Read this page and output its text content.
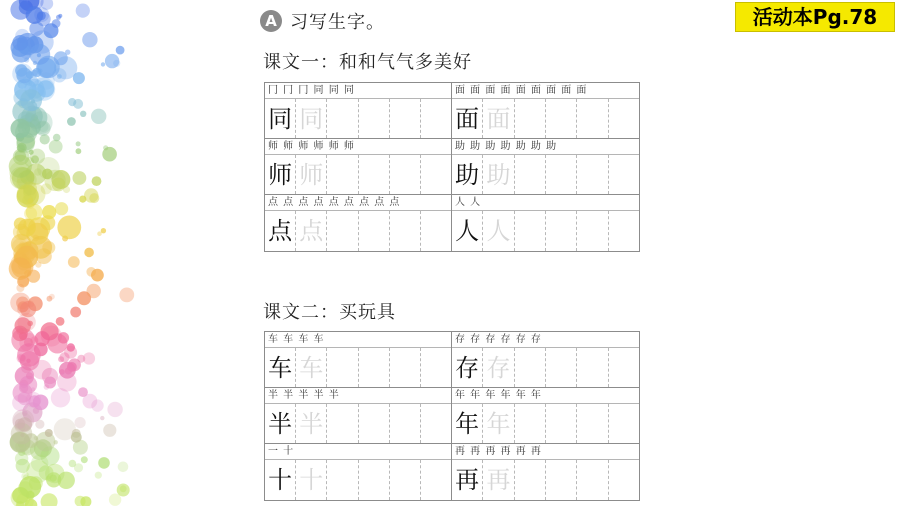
活动本Pg.78
A 习写生字。
课文一：和和气气多美好
冂 冂 冂 同 同 同
同 同
面 面 面 面 面 面 面 面 面
面 面
师 师 师 师 师 师
师 师
助 助 助 助 助 助 助
助 助
点 点 点 点 点 点 点 点 点
点 点
人 人
人 人
课文二：买玩具
车 车 车 车
车 车
存 存 存 存 存 存
存 存
半 半 半 半 半
半 半
年 年 年 年 年 年
年 年
一 十
十 十
再 再 再 再 再 再
再 再
